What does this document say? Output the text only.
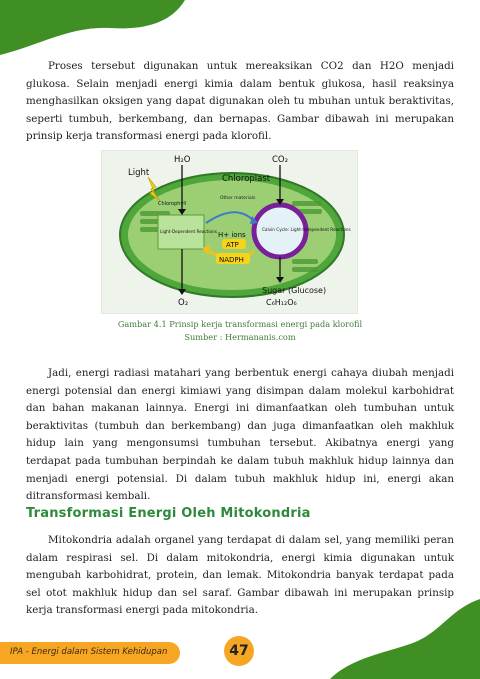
Proses tersebut digunakan untuk mereaksikan CO2 dan H2O menjadi glukosa. Selain menjadi energi kimia dalam bentuk glukosa, hasil reaksinya menghasilkan oksigen yang dapat digunakan oleh tu mbuhan untuk beraktivitas, seperti tumbuh, berkembang, dan bernapas. Gambar dibawah ini merupakan prinsip kerja transformasi energi pada klorofil.

H₂O	CO₂
Light
Chloroplast
Chlorophyll
Other materials
Light-Dependent Reactions H+ ions
ATP
NADPH
Calvin Cycle: Light-Independent Reactions
O₂
Sugar (Glucose)
C₆H₁₂O₆
Gambar 4.1 Prinsip kerja transformasi energi pada klorofil
Sumber : Hermananis.com

Jadi, energi radiasi matahari yang berbentuk energi cahaya diubah menjadi energi potensial dan energi kimiawi yang disimpan dalam molekul karbohidrat dan bahan makanan lainnya. Energi ini dimanfaatkan oleh tumbuhan untuk beraktivitas (tumbuh dan berkembang) dan juga dimanfaatkan oleh makhluk hidup lain yang mengonsumsi tumbuhan tersebut. Akibatnya energi yang terdapat pada tumbuhan berpindah ke dalam tubuh makhluk hidup lainnya dan menjadi energi potensial. Di dalam tubuh makhluk hidup ini, energi akan ditransformasi kembali.

Transformasi Energi Oleh Mitokondria

Mitokondria adalah organel yang terdapat di dalam sel, yang memiliki peran dalam respirasi sel. Di dalam mitokondria, energi kimia digunakan untuk mengubah karbohidrat, protein, dan lemak. Mitokondria banyak terdapat pada sel otot makhluk hidup dan sel saraf. Gambar dibawah ini merupakan prinsip kerja transformasi energi pada mitokondria.

IPA - Energi dalam Sistem Kehidupan	47
